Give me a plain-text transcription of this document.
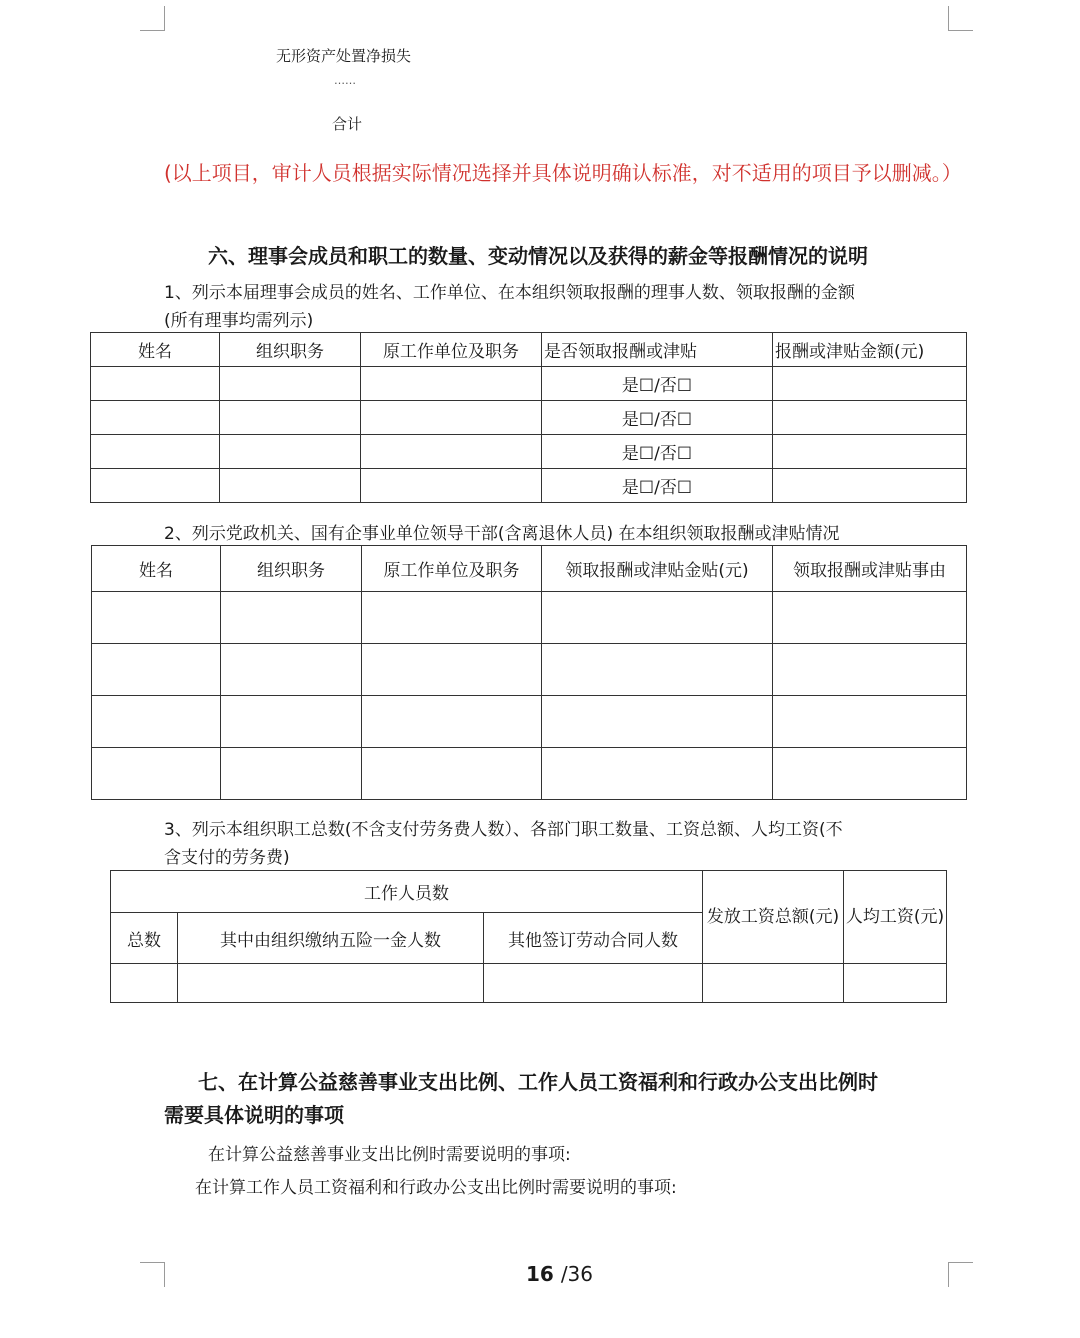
无形资产处置净损失
……
合计
(以上项目，审计人员根据实际情况选择并具体说明确认标准，对不适用的项目予以删减。）
六、理事会成员和职工的数量、变动情况以及获得的薪金等报酬情况的说明
1、列示本届理事会成员的姓名、工作单位、在本组织领取报酬的理事人数、领取报酬的金额
(所有理事均需列示)
姓名	组织职务	原工作单位及职务	是否领取报酬或津贴	报酬或津贴金额(元)
			是☐/否☐	
			是☐/否☐	
			是☐/否☐	
			是☐/否☐	
2、列示党政机关、国有企事业单位领导干部(含离退休人员) 在本组织领取报酬或津贴情况
姓名	组织职务	原工作单位及职务	领取报酬或津贴金贴(元)	领取报酬或津贴事由

3、列示本组织职工总数(不含支付劳务费人数）、各部门职工数量、工资总额、人均工资(不
含支付的劳务费)
工作人员数			发放工资总额(元)	人均工资(元)
总数	其中由组织缴纳五险一金人数	其他签订劳动合同人数		

七、在计算公益慈善事业支出比例、工作人员工资福利和行政办公支出比例时
需要具体说明的事项
在计算公益慈善事业支出比例时需要说明的事项:
在计算工作人员工资福利和行政办公支出比例时需要说明的事项:
16 /36
